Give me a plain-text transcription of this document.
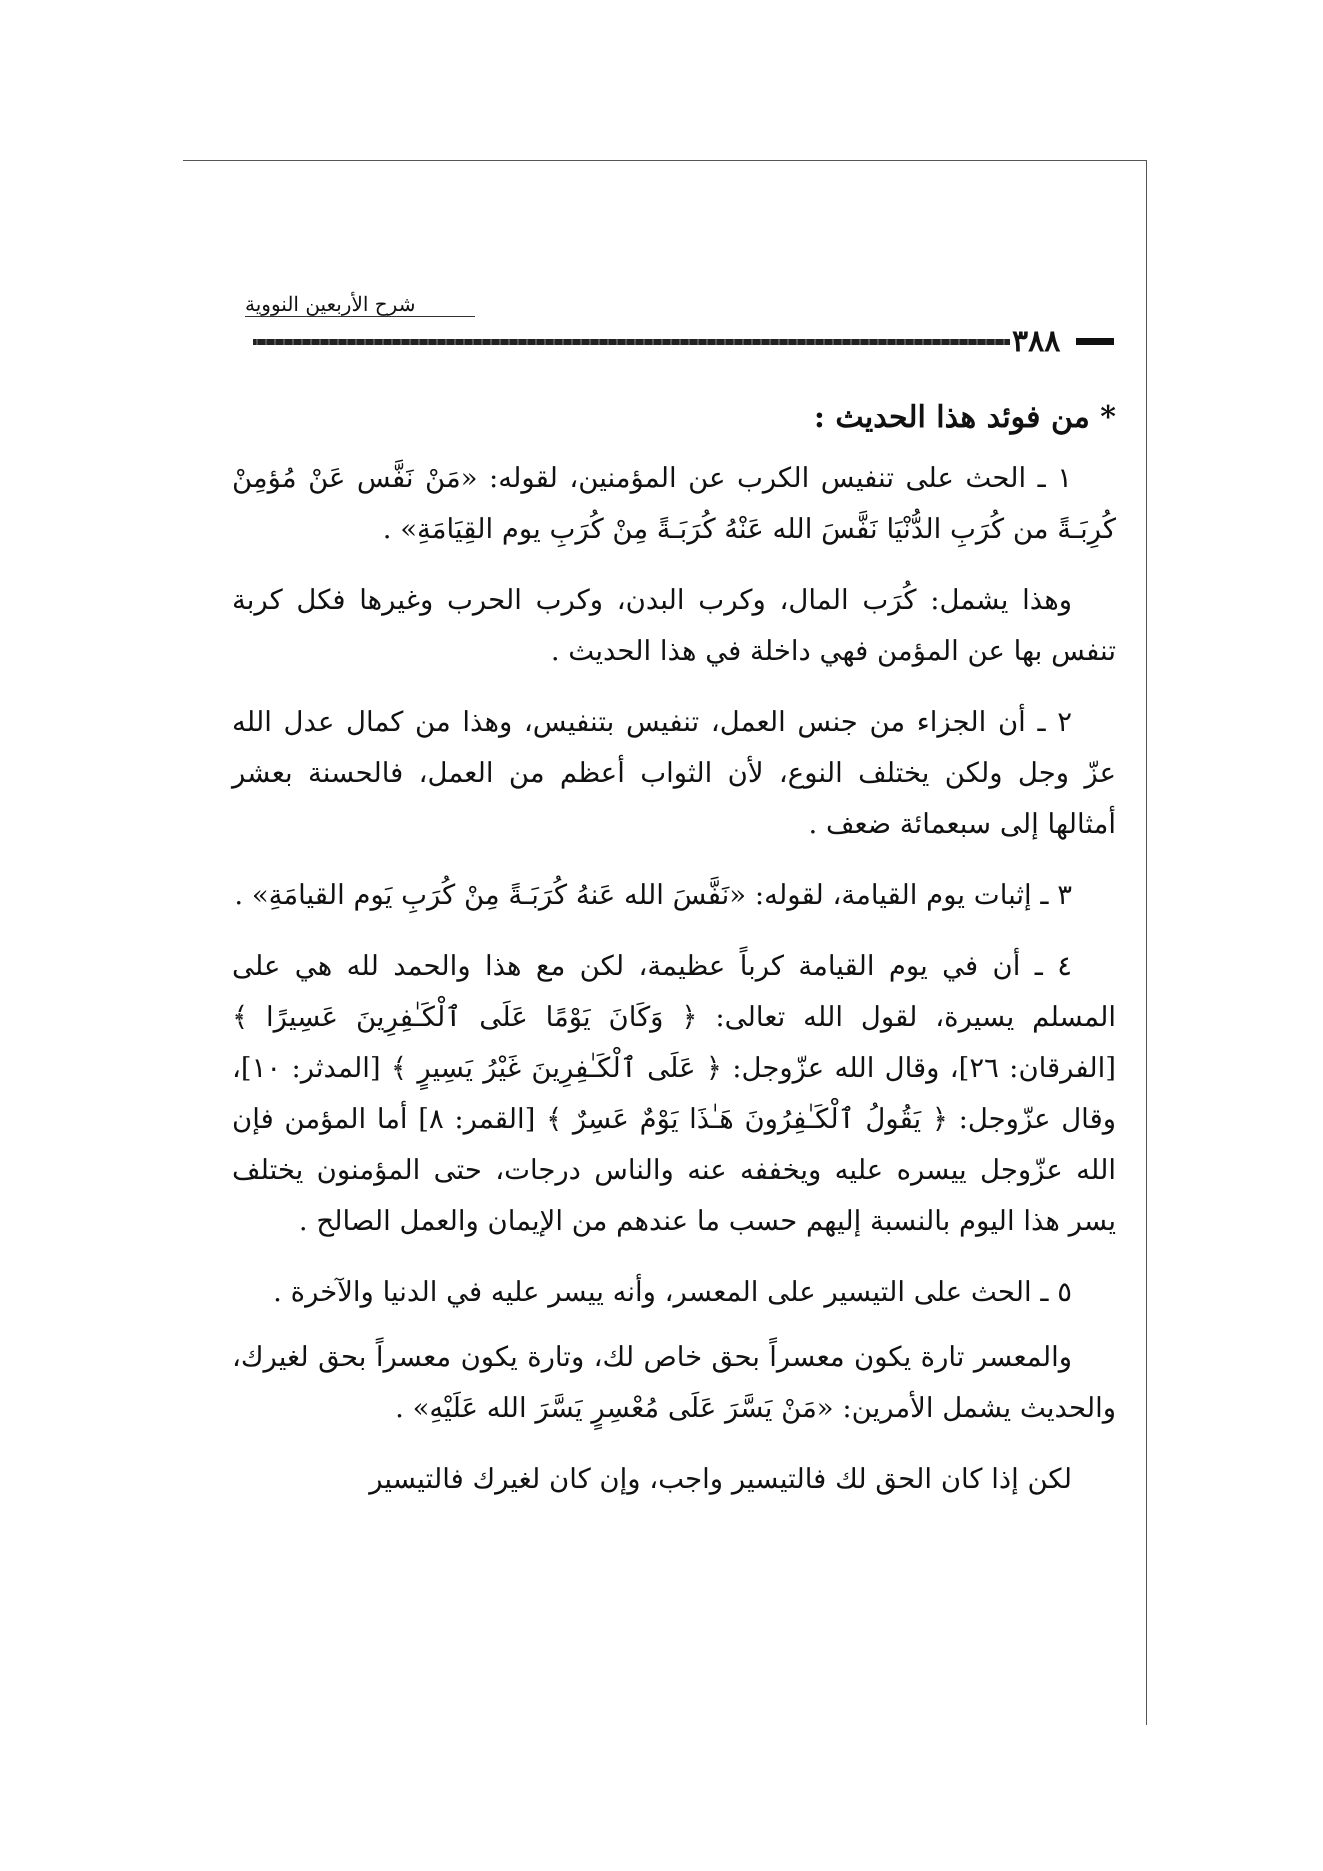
شرح الأربعين النووية
٣٨٨

* من فوئد هذا الحديث :

١ ـ الحث على تنفيس الكرب عن المؤمنين، لقوله: «مَنْ نَفَّس عَنْ مُؤمِنْ كُرِبَـةً من كُرَبِ الدُّنْيَا نَفَّسَ الله عَنْهُ كُرَبَـةً مِنْ كُرَبِ يوم القِيَامَةِ» .

وهذا يشمل: كُرَب المال، وكرب البدن، وكرب الحرب وغيرها فكل كربة تنفس بها عن المؤمن فهي داخلة في هذا الحديث .

٢ ـ أن الجزاء من جنس العمل، تنفيس بتنفيس، وهذا من كمال عدل الله عزّ وجل ولكن يختلف النوع، لأن الثواب أعظم من العمل، فالحسنة بعشر أمثالها إلى سبعمائة ضعف .

٣ ـ إثبات يوم القيامة، لقوله: «نَفَّسَ الله عَنهُ كُرَبَـةً مِنْ كُرَبِ يَوم القيامَةِ» .

٤ ـ أن في يوم القيامة كرباً عظيمة، لكن مع هذا والحمد لله هي على المسلم يسيرة، لقول الله تعالى: ﴿ وَكَانَ يَوْمًا عَلَى ٱلْكَـٰفِرِينَ عَسِيرًا ﴾ [الفرقان: ٢٦]، وقال الله عزّوجل: ﴿ عَلَى ٱلْكَـٰفِرِينَ غَيْرُ يَسِيرٍ ﴾ [المدثر: ١٠]، وقال عزّوجل: ﴿ يَقُولُ ٱلْكَـٰفِرُونَ هَـٰذَا يَوْمٌ عَسِرٌ ﴾ [القمر: ٨] أما المؤمن فإن الله عزّوجل ييسره عليه ويخففه عنه والناس درجات، حتى المؤمنون يختلف يسر هذا اليوم بالنسبة إليهم حسب ما عندهم من الإيمان والعمل الصالح .

٥ ـ الحث على التيسير على المعسر، وأنه ييسر عليه في الدنيا والآخرة .

والمعسر تارة يكون معسراً بحق خاص لك، وتارة يكون معسراً بحق لغيرك، والحديث يشمل الأمرين: «مَنْ يَسَّرَ عَلَى مُعْسِرٍ يَسَّرَ الله عَلَيْهِ» .

لكن إذا كان الحق لك فالتيسير واجب، وإن كان لغيرك فالتيسير
